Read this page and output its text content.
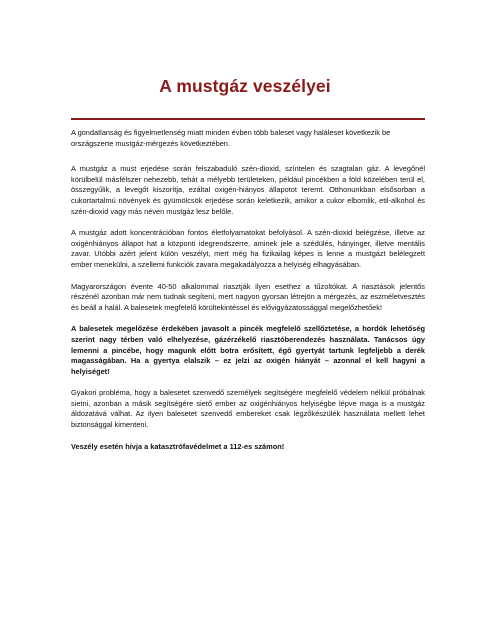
A mustgáz veszélyei

A gondatlanság és figyelmetlenség miatt minden évben több baleset vagy haláleset következik be országszerte mustgáz-mérgezés következtében.

A mustgáz a must erjedése során felszabaduló szén-dioxid, színtelen és szagtalan gáz. A levegőnél körülbelül másfélszer nehezebb, tehát a mélyebb területeken, például pincékben a föld közelében terül el, összegyűlik, a levegőt kiszorítja, ezáltal oxigén-hiányos állapotot teremt. Otthonunkban elsősorban a cukortartalmú növények és gyümölcsök erjedése során keletkezik, amikor a cukor elbomlik, etil-alkohol és szén-dioxid vagy más néven mustgáz lesz belőle.

A mustgáz adott koncentrációban fontos életfolyamatokat befolyásol. A szén-dioxid belégzése, illetve az oxigénhiányos állapot hat a központi idegrendszerre, aminek jele a szédülés, hányinger, illetve mentális zavar. Utóbbi azért jelent külön veszélyt, mert még ha fizikailag képes is lenne a mustgázt belélegzett ember menekülni, a szellemi funkciók zavara megakadályozza a helyiség elhagyásában.

Magyarországon évente 40-50 alkalommal riasztják ilyen esethez a tűzoltókat. A riasztások jelentős részénél azonban már nem tudnak segíteni, mert nagyon gyorsan létrejön a mérgezés, az eszméletvesztés és beáll a halál. A balesetek megfelelő körültekintéssel és elővigyázatossággal megelőzhetőek!

A balesetek megelőzése érdekében javasolt a pincék megfelelő szellőztetése, a hordók lehetőség szerint nagy térben való elhelyezése, gázérzékelő riasztóberendezés használata. Tanácsos úgy lemenni a pincébe, hogy magunk előtt botra erősített, égő gyertyát tartunk legfeljebb a derék magasságában. Ha a gyertya elalszik – ez jelzi az oxigén hiányát – azonnal el kell hagyni a helyiséget!

Gyakori probléma, hogy a balesetet szenvedő személyek segítségére megfelelő védelem nélkül próbálnak sietni, azonban a másik segítségére siető ember az oxigénhiányos helyiségbe lépve maga is a mustgáz áldozatává válhat. Az ilyen balesetet szenvedő embereket csak légzőkészülék használata mellett lehet biztonsággal kimenteni.

Veszély esetén hívja a katasztrófavédelmet a 112-es számon!
